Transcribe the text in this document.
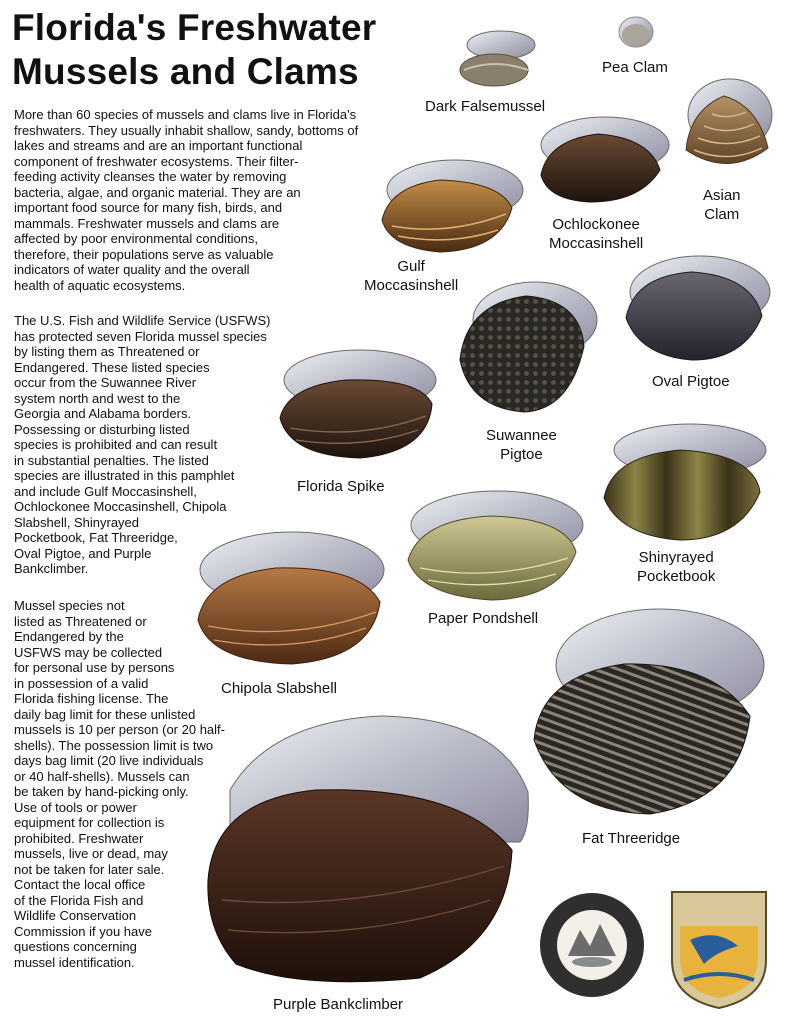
Florida's Freshwater
Mussels and Clams

More than 60 species of mussels and clams live in Florida's
freshwaters. They usually inhabit shallow, sandy, bottoms of
lakes and streams and are an important functional
component of freshwater ecosystems. Their filter-
feeding activity cleanses the water by removing
bacteria, algae, and organic material. They are an
important food source for many fish, birds, and
mammals. Freshwater mussels and clams are
affected by poor environmental conditions,
therefore, their populations serve as valuable
indicators of water quality and the overall
health of aquatic ecosystems.

The U.S. Fish and Wildlife Service (USFWS)
has protected seven Florida mussel species
by listing them as Threatened or
Endangered. These listed species
occur from the Suwannee River
system north and west to the
Georgia and Alabama borders.
Possessing or disturbing listed
species is prohibited and can result
in substantial penalties. The listed
species are illustrated in this pamphlet
and include Gulf Moccasinshell,
Ochlockonee Moccasinshell, Chipola
Slabshell, Shinyrayed
Pocketbook, Fat Threeridge,
Oval Pigtoe, and Purple
Bankclimber.

Mussel species not
listed as Threatened or
Endangered by the
USFWS may be collected
for personal use by persons
in possession of a valid
Florida fishing license. The
daily bag limit for these unlisted
mussels is 10 per person (or 20 half-
shells). The possession limit is two
days bag limit (20 live individuals
or 40 half-shells). Mussels can
be taken by hand-picking only.
Use of tools or power
equipment for collection is
prohibited. Freshwater
mussels, live or dead, may
not be taken for later sale.
Contact the local office
of the Florida Fish and
Wildlife Conservation
Commission if you have
questions concerning
mussel identification.

Pea Clam
Dark Falsemussel
Asian
Clam
Ochlockonee
Moccasinshell
Gulf
Moccasinshell
Oval Pigtoe
Suwannee
Pigtoe
Florida Spike
Shinyrayed
Pocketbook
Paper Pondshell
Chipola Slabshell
Fat Threeridge
Purple Bankclimber
